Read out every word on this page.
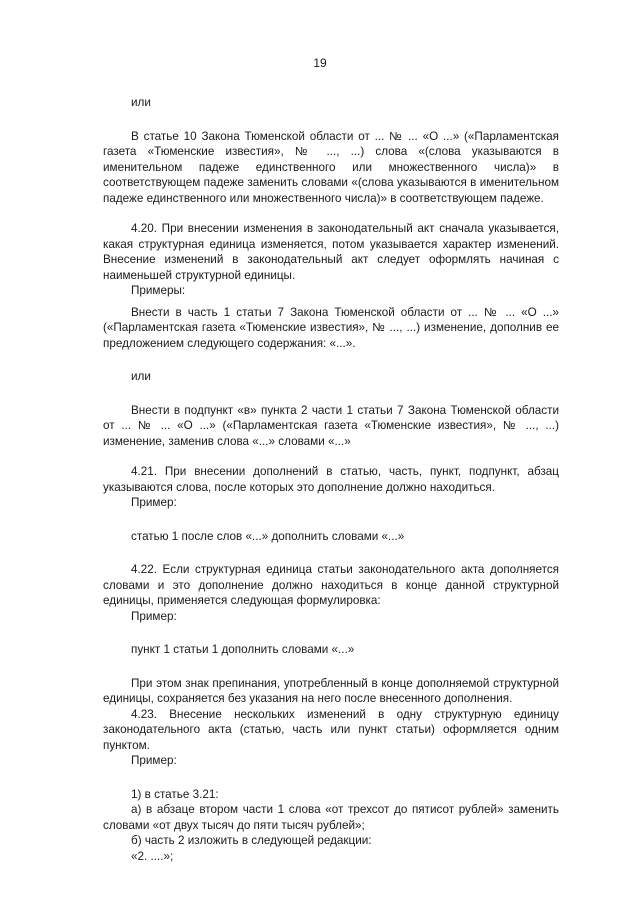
19

или

В статье 10 Закона Тюменской области от ... № ... «О ...» («Парламентская газета «Тюменские известия», № ..., ...) слова «(слова указываются в именительном падеже единственного или множественного числа)» в соответствующем падеже заменить словами «(слова указываются в именительном падеже единственного или множественного числа)» в соответствующем падеже.

4.20. При внесении изменения в законодательный акт сначала указывается, какая структурная единица изменяется, потом указывается характер изменений. Внесение изменений в законодательный акт следует оформлять начиная с наименьшей структурной единицы.

Примеры:

Внести в часть 1 статьи 7 Закона Тюменской области от ... № ... «О ...» («Парламентская газета «Тюменские известия», № ..., ...) изменение, дополнив ее предложением следующего содержания: «...».

или

Внести в подпункт «в» пункта 2 части 1 статьи 7 Закона Тюменской области от ... № ... «О ...» («Парламентская газета «Тюменские известия», № ..., ...) изменение, заменив слова «...» словами «...»

4.21. При внесении дополнений в статью, часть, пункт, подпункт, абзац указываются слова, после которых это дополнение должно находиться.

Пример:

статью 1 после слов «...» дополнить словами «...»

4.22. Если структурная единица статьи законодательного акта дополняется словами и это дополнение должно находиться в конце данной структурной единицы, применяется следующая формулировка:

Пример:

пункт 1 статьи 1 дополнить словами «...»

При этом знак препинания, употребленный в конце дополняемой структурной единицы, сохраняется без указания на него после внесенного дополнения.

4.23. Внесение нескольких изменений в одну структурную единицу законодательного акта (статью, часть или пункт статьи) оформляется одним пунктом.

Пример:

1) в статье 3.21:

а) в абзаце втором части 1 слова «от трехсот до пятисот рублей» заменить словами «от двух тысяч до пяти тысяч рублей»;

б) часть 2 изложить в следующей редакции:

«2. ....»;
